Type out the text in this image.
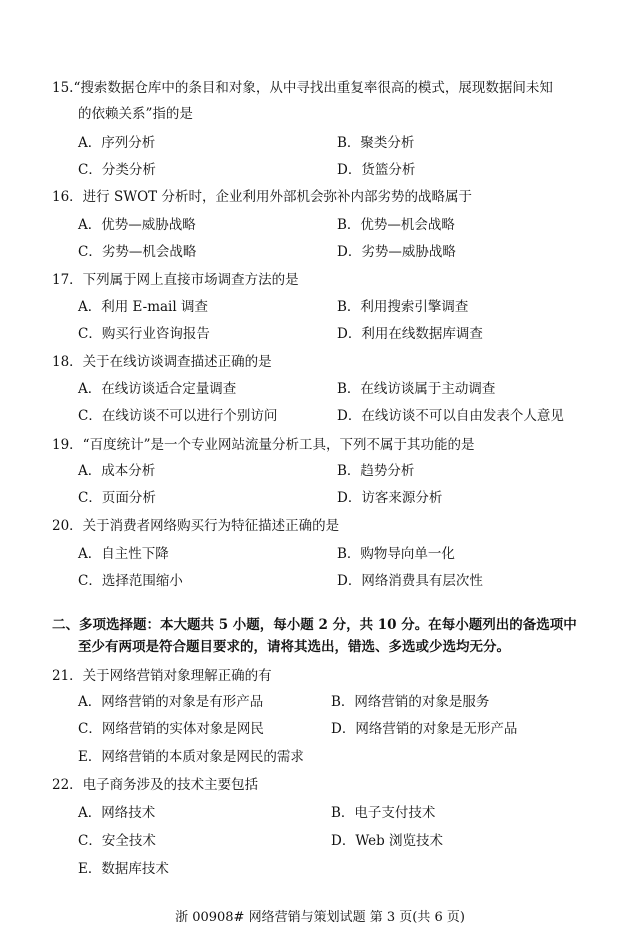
15.“搜索数据仓库中的条目和对象，从中寻找出重复率很高的模式，展现数据间未知
的依赖关系”指的是
A．序列分析	B．聚类分析
C．分类分析	D．货篮分析
16．进行 SWOT 分析时，企业利用外部机会弥补内部劣势的战略属于
A．优势—威胁战略	B．优势—机会战略
C．劣势—机会战略	D．劣势—威胁战略
17．下列属于网上直接市场调查方法的是
A．利用 E-mail 调查	B．利用搜索引擎调查
C．购买行业咨询报告	D．利用在线数据库调查
18．关于在线访谈调查描述正确的是
A．在线访谈适合定量调查	B．在线访谈属于主动调查
C．在线访谈不可以进行个别访问	D．在线访谈不可以自由发表个人意见
19．“百度统计”是一个专业网站流量分析工具，下列不属于其功能的是
A．成本分析	B．趋势分析
C．页面分析	D．访客来源分析
20．关于消费者网络购买行为特征描述正确的是
A．自主性下降	B．购物导向单一化
C．选择范围缩小	D．网络消费具有层次性
二、多项选择题：本大题共 5 小题，每小题 2 分，共 10 分。在每小题列出的备选项中
至少有两项是符合题目要求的，请将其选出，错选、多选或少选均无分。
21．关于网络营销对象理解正确的有
A．网络营销的对象是有形产品	B．网络营销的对象是服务
C．网络营销的实体对象是网民	D．网络营销的对象是无形产品
E．网络营销的本质对象是网民的需求
22．电子商务涉及的技术主要包括
A．网络技术	B．电子支付技术
C．安全技术	D．Web 浏览技术
E．数据库技术
浙 00908# 网络营销与策划试题 第 3 页(共 6 页)
